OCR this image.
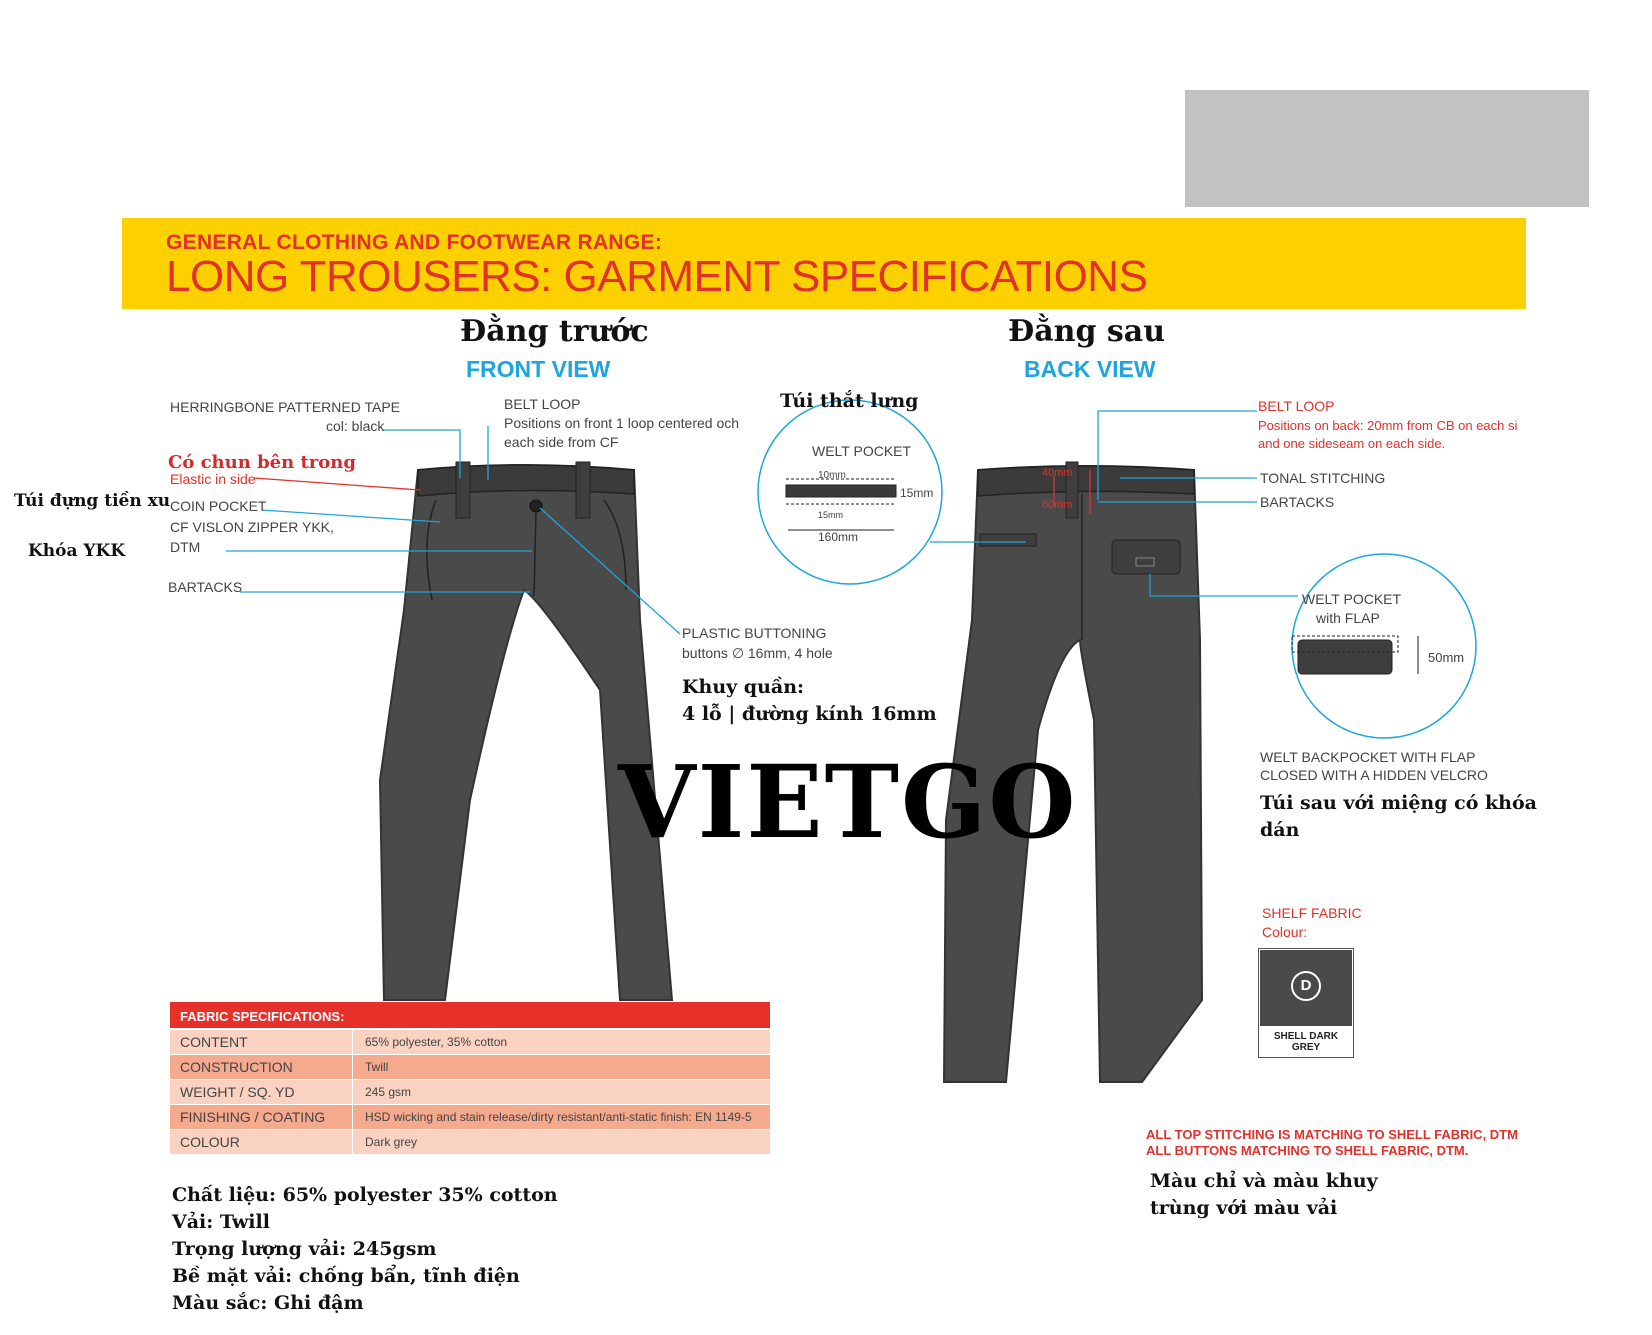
GENERAL CLOTHING AND FOOTWEAR RANGE:
LONG TROUSERS: GARMENT SPECIFICATIONS
Đằng trước
FRONT VIEW
Đằng sau
BACK VIEW
HERRINGBONE PATTERNED TAPE
col: black
Có chun bên trong
Elastic in side
Túi đựng tiền xu COIN POCKET
CF VISLON ZIPPER YKK,
DTM
Khóa YKK
BARTACKS
BELT LOOP
Positions on front 1 loop centered och
each side from CF
PLASTIC BUTTONING
buttons ∅ 16mm, 4 hole
Khuy quần:
4 lỗ | đường kính 16mm
Túi thắt lưng
WELT POCKET
10mm
15mm
15mm
160mm
BELT LOOP
Positions on back: 20mm from CB on each si
and one sideseam on each side.
TONAL STITCHING
BARTACKS
40mm
60mm
WELT POCKET
with FLAP
50mm
WELT BACKPOCKET WITH FLAP
CLOSED WITH A HIDDEN VELCRO
Túi sau với miệng có khóa
dán
VIETGO
FABRIC SPECIFICATIONS:
CONTENT	65% polyester, 35% cotton
CONSTRUCTION	Twill
WEIGHT / SQ. YD	245 gsm
FINISHING / COATING	HSD wicking and stain release/dirty resistant/anti-static finish: EN 1149-5
COLOUR	Dark grey
SHELF FABRIC
Colour:
D
SHELL DARK GREY
ALL TOP STITCHING IS MATCHING TO SHELL FABRIC, DTM
ALL BUTTONS MATCHING TO SHELL FABRIC, DTM.
Màu chỉ và màu khuy
trùng với màu vải
Chất liệu: 65% polyester 35% cotton
Vải: Twill
Trọng lượng vải: 245gsm
Bề mặt vải: chống bẩn, tĩnh điện
Màu sắc: Ghi đậm
